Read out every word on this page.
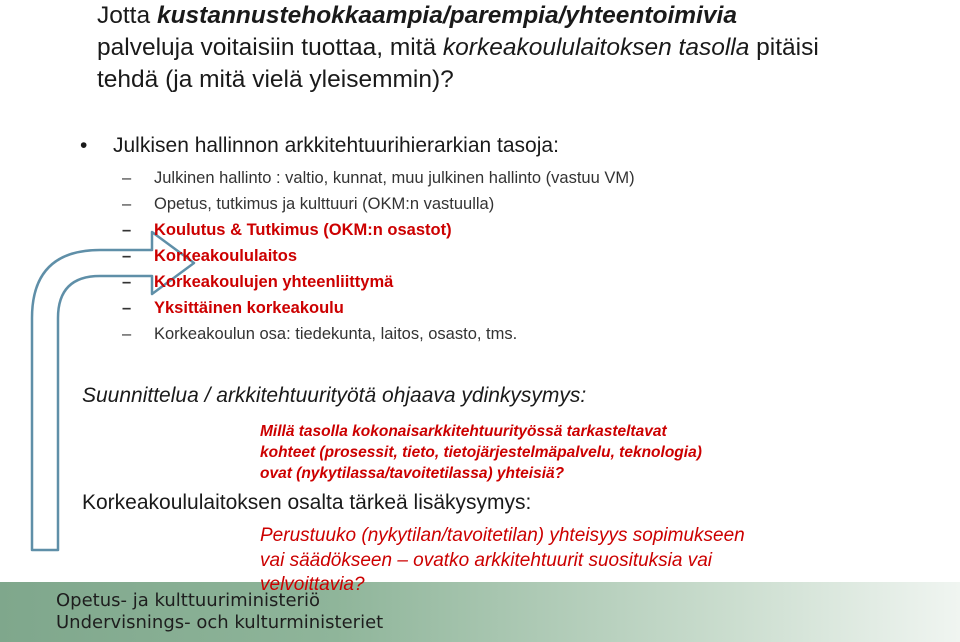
Jotta kustannustehokkaampia/parempia/yhteentoimivia
palveluja voitaisiin tuottaa, mitä korkeakoululaitoksen tasolla pitäisi
tehdä (ja mitä vielä yleisemmin)?
• Julkisen hallinnon arkkitehtuurihierarkian tasoja:
–	Julkinen hallinto : valtio, kunnat, muu julkinen hallinto (vastuu VM)
–	Opetus, tutkimus ja kulttuuri (OKM:n vastuulla)
–	Koulutus & Tutkimus (OKM:n osastot)
–	Korkeakoululaitos
–	Korkeakoulujen yhteenliittymä
–	Yksittäinen korkeakoulu
–	Korkeakoulun osa: tiedekunta, laitos, osasto, tms.
Suunnittelua / arkkitehtuurityötä ohjaava ydinkysymys:
Millä tasolla kokonaisarkkitehtuurityössä tarkasteltavat
kohteet (prosessit, tieto, tietojärjestelmäpalvelu, teknologia)
ovat (nykytilassa/tavoitetilassa) yhteisiä?
Korkeakoululaitoksen osalta tärkeä lisäkysymys:
Opetus- ja kulttuuriministeriö
Undervisnings- och kulturministeriet
Perustuuko (nykytilan/tavoitetilan) yhteisyys sopimukseen
vai säädökseen – ovatko arkkitehtuurit suosituksia vai
velvoittavia?
